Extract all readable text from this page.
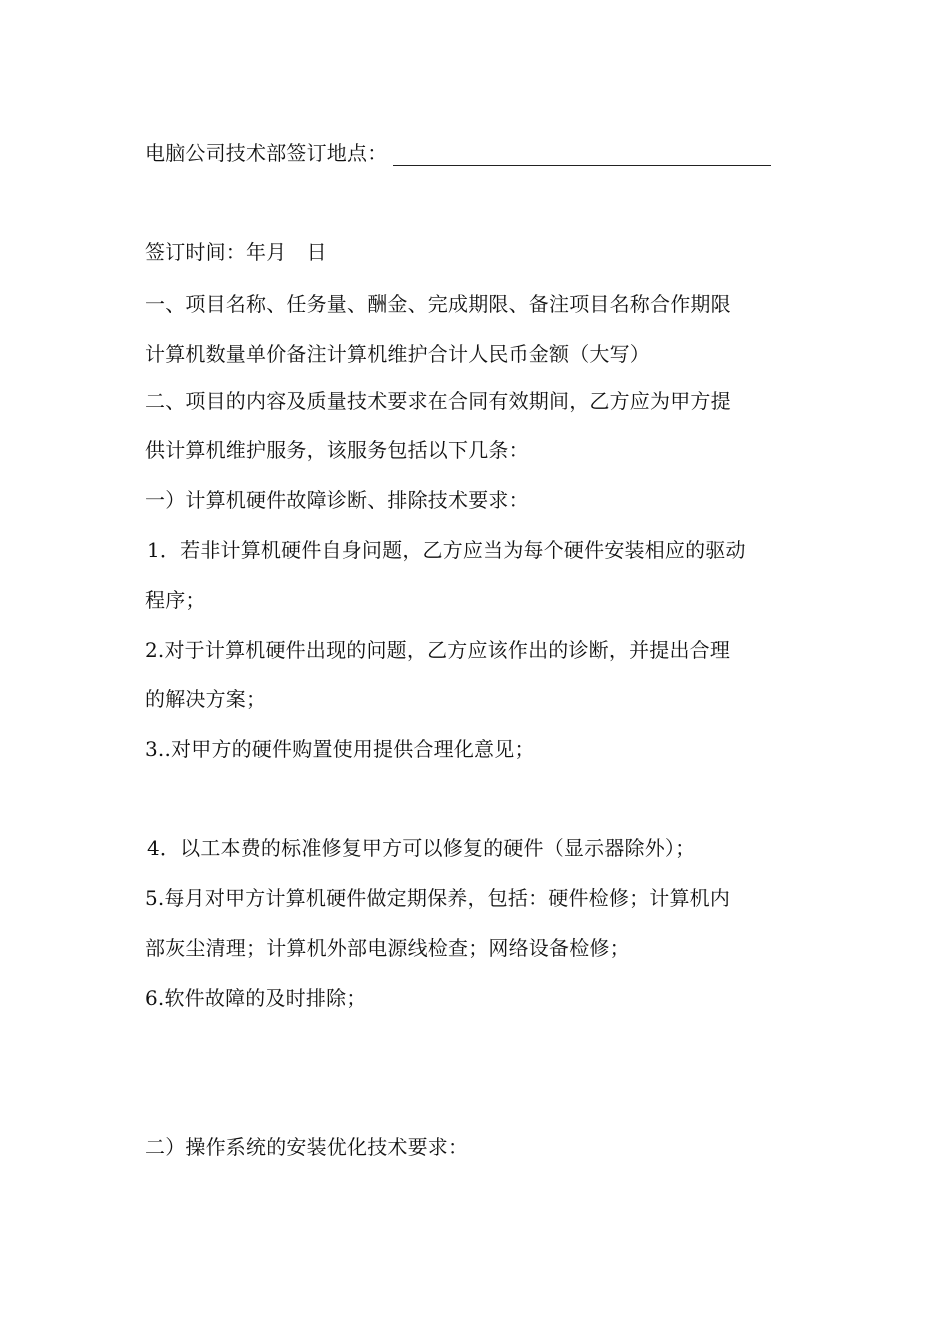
电脑公司技术部签订地点：
签订时间：年月　日
一、项目名称、任务量、酬金、完成期限、备注项目名称合作期限
计算机数量单价备注计算机维护合计人民币金额（大写）
二、项目的内容及质量技术要求在合同有效期间，乙方应为甲方提
供计算机维护服务，该服务包括以下几条：
一）计算机硬件故障诊断、排除技术要求：
1．若非计算机硬件自身问题，乙方应当为每个硬件安装相应的驱动
程序；
2.对于计算机硬件出现的问题，乙方应该作出的诊断，并提出合理
的解决方案；
3..对甲方的硬件购置使用提供合理化意见；
4．以工本费的标准修复甲方可以修复的硬件（显示器除外）；
5.每月对甲方计算机硬件做定期保养，包括：硬件检修；计算机内
部灰尘清理；计算机外部电源线检查；网络设备检修；
6.软件故障的及时排除；
二）操作系统的安装优化技术要求：
